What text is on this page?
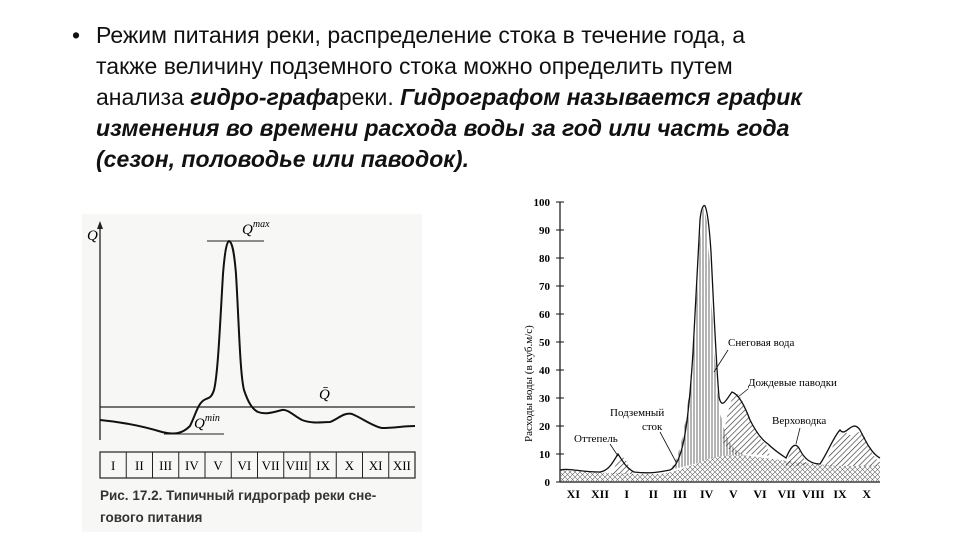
• Режим питания реки, распределение стока в течение года, а
также величину подземного стока можно определить путем
анализа гидро-графареки. Гидрографом называется график
изменения во времени расхода воды за год или часть года
(сезон, половодье или паводок).
Q	$Q^{max}$
Q̄
$Q^{min}$
I II III IV V VI VII VIII IX X XI XII
Рис. 17.2. Типичный гидрограф реки сне-
гового питания
Расходы воды (в куб.м/с)
0
10
20
30
40
50
60
70
80
90
100
Снеговая вода
Дождевые паводки
Подземный
сток
Оттепель
Верховодка
XI XII I II III IV V VI VII VIII IX X
